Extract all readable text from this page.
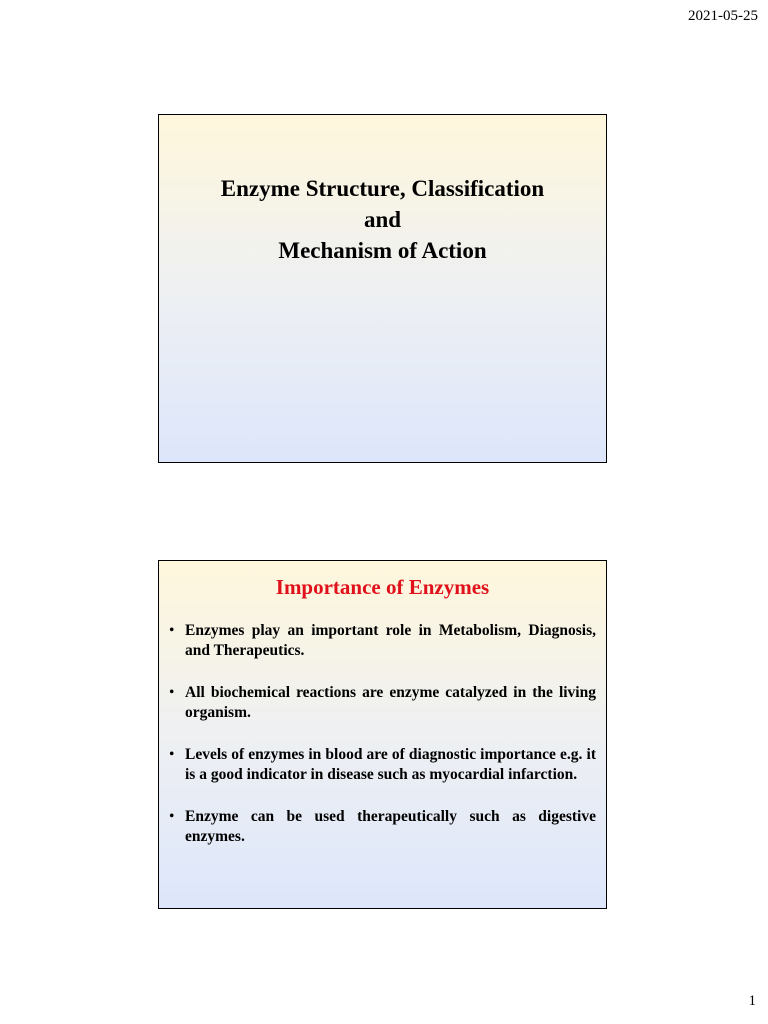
2021-05-25
Enzyme Structure, Classification
and
Mechanism of Action
Importance of Enzymes
• Enzymes play an important role in Metabolism, Diagnosis, and Therapeutics.
• All biochemical reactions are enzyme catalyzed in the living organism.
• Levels of enzymes in blood are of diagnostic importance e.g. it is a good indicator in disease such as myocardial infarction.
• Enzyme can be used therapeutically such as digestive enzymes.
1
